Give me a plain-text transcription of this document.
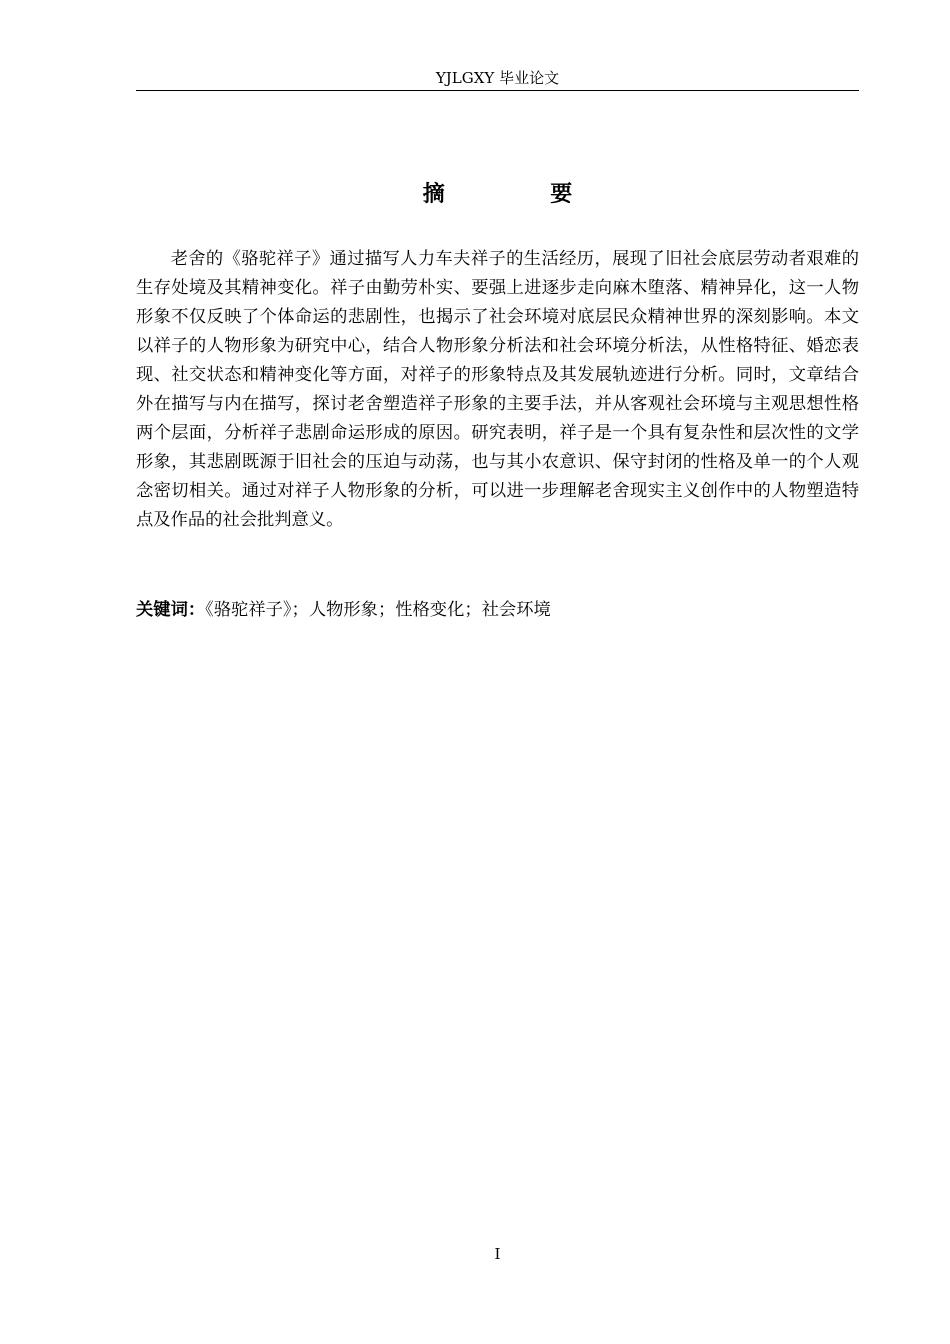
YJLGXY 毕业论文
摘　要

老舍的《骆驼祥子》通过描写人力车夫祥子的生活经历，展现了旧社会底层劳动者艰难的生存处境及其精神变化。祥子由勤劳朴实、要强上进逐步走向麻木堕落、精神异化，这一人物形象不仅反映了个体命运的悲剧性，也揭示了社会环境对底层民众精神世界的深刻影响。本文以祥子的人物形象为研究中心，结合人物形象分析法和社会环境分析法，从性格特征、婚恋表现、社交状态和精神变化等方面，对祥子的形象特点及其发展轨迹进行分析。同时，文章结合外在描写与内在描写，探讨老舍塑造祥子形象的主要手法，并从客观社会环境与主观思想性格两个层面，分析祥子悲剧命运形成的原因。研究表明，祥子是一个具有复杂性和层次性的文学形象，其悲剧既源于旧社会的压迫与动荡，也与其小农意识、保守封闭的性格及单一的个人观念密切相关。通过对祥子人物形象的分析，可以进一步理解老舍现实主义创作中的人物塑造特点及作品的社会批判意义。

关键词：《骆驼祥子》；人物形象；性格变化；社会环境
I
